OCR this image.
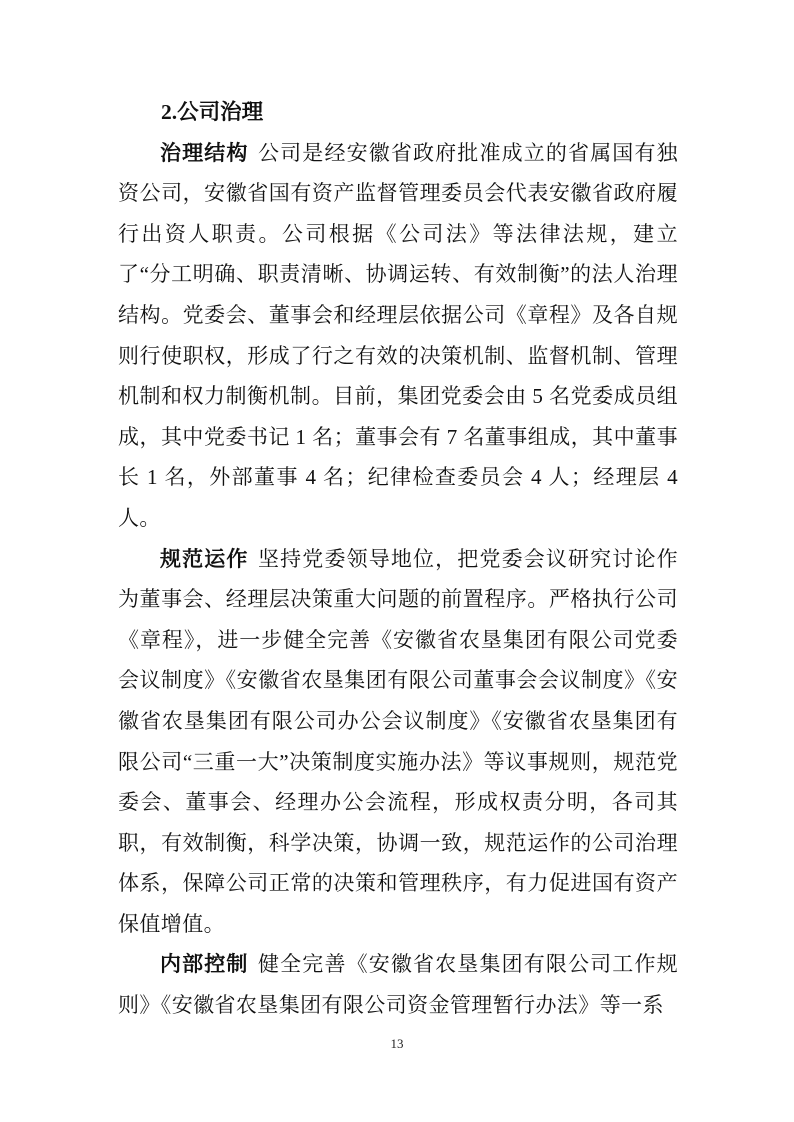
2.公司治理

治理结构 公司是经安徽省政府批准成立的省属国有独资公司，安徽省国有资产监督管理委员会代表安徽省政府履行出资人职责。公司根据《公司法》等法律法规，建立了“分工明确、职责清晰、协调运转、有效制衡”的法人治理结构。党委会、董事会和经理层依据公司《章程》及各自规则行使职权，形成了行之有效的决策机制、监督机制、管理机制和权力制衡机制。目前，集团党委会由 5 名党委成员组成，其中党委书记 1 名；董事会有 7 名董事组成，其中董事长 1 名，外部董事 4 名；纪律检查委员会 4 人；经理层 4 人。

规范运作 坚持党委领导地位，把党委会议研究讨论作为董事会、经理层决策重大问题的前置程序。严格执行公司《章程》，进一步健全完善《安徽省农垦集团有限公司党委会议制度》《安徽省农垦集团有限公司董事会会议制度》《安徽省农垦集团有限公司办公会议制度》《安徽省农垦集团有限公司“三重一大”决策制度实施办法》等议事规则，规范党委会、董事会、经理办公会流程，形成权责分明，各司其职，有效制衡，科学决策，协调一致，规范运作的公司治理体系，保障公司正常的决策和管理秩序，有力促进国有资产保值增值。

内部控制 健全完善《安徽省农垦集团有限公司工作规则》《安徽省农垦集团有限公司资金管理暂行办法》等一系

13
